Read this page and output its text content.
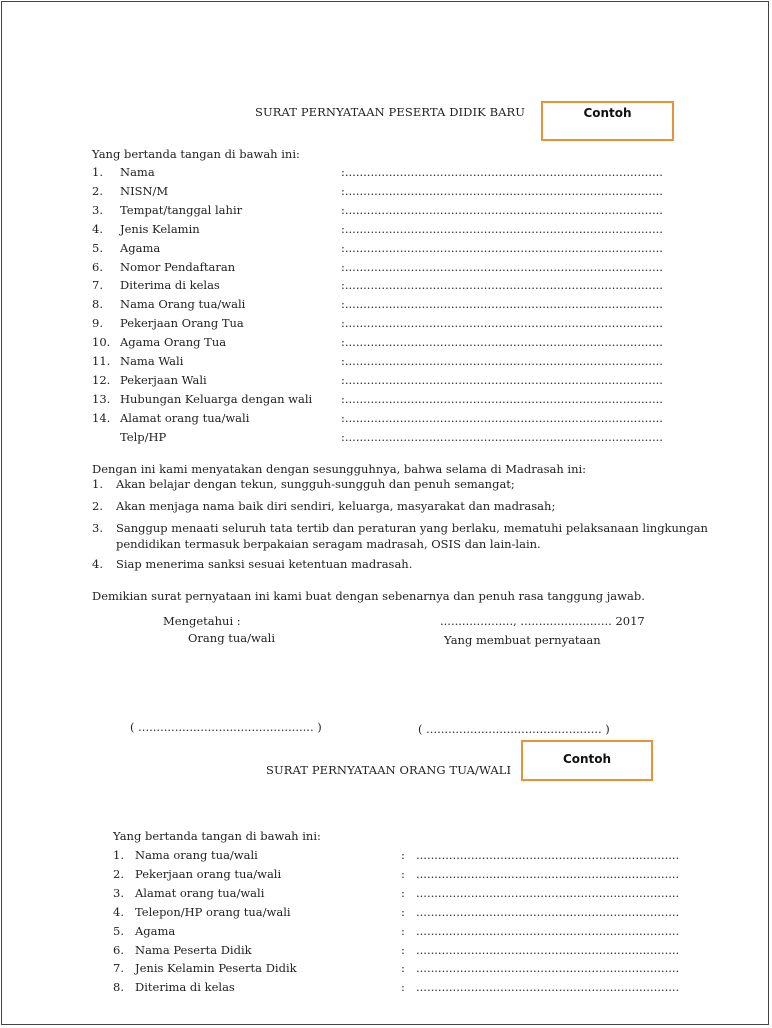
SURAT PERNYATAAN PESERTA DIDIK BARU	Contoh
Yang bertanda tangan di bawah ini:
1. Nama	:.......................................................................................
2. NISN/M	:.......................................................................................
3. Tempat/tanggal lahir	:.......................................................................................
4. Jenis Kelamin	:.......................................................................................
5. Agama	:.......................................................................................
6. Nomor Pendaftaran	:.......................................................................................
7. Diterima di kelas	:.......................................................................................
8. Nama Orang tua/wali	:.......................................................................................
9. Pekerjaan Orang Tua	:.......................................................................................
10. Agama Orang Tua	:.......................................................................................
11. Nama Wali	:.......................................................................................
12. Pekerjaan Wali	:.......................................................................................
13. Hubungan Keluarga dengan wali	:.......................................................................................
14. Alamat orang tua/wali	:.......................................................................................
Telp/HP	:.......................................................................................
Dengan ini kami menyatakan dengan sesungguhnya, bahwa selama di Madrasah ini:
1. Akan belajar dengan tekun, sungguh-sungguh dan penuh semangat;
2. Akan menjaga nama baik diri sendiri, keluarga, masyarakat dan madrasah;
3. Sanggup menaati seluruh tata tertib dan peraturan yang berlaku, mematuhi pelaksanaan lingkungan
pendidikan termasuk berpakaian seragam madrasah, OSIS dan lain-lain.
4. Siap menerima sanksi sesuai ketentuan madrasah.
Demikian surat pernyataan ini kami buat dengan sebenarnya dan penuh rasa tanggung jawab.
Mengetahui :
Orang tua/wali
...................., ......................... 2017
Yang membuat pernyataan
( ................................................ )	( ................................................ )
SURAT PERNYATAAN ORANG TUA/WALI
Contoh
Yang bertanda tangan di bawah ini:
1. Nama orang tua/wali	: ........................................................................
2. Pekerjaan orang tua/wali	: ........................................................................
3. Alamat orang tua/wali	: ........................................................................
4. Telepon/HP orang tua/wali	: ........................................................................
5. Agama	: ........................................................................
6. Nama Peserta Didik	: ........................................................................
7. Jenis Kelamin Peserta Didik	: ........................................................................
8. Diterima di kelas	: ........................................................................
